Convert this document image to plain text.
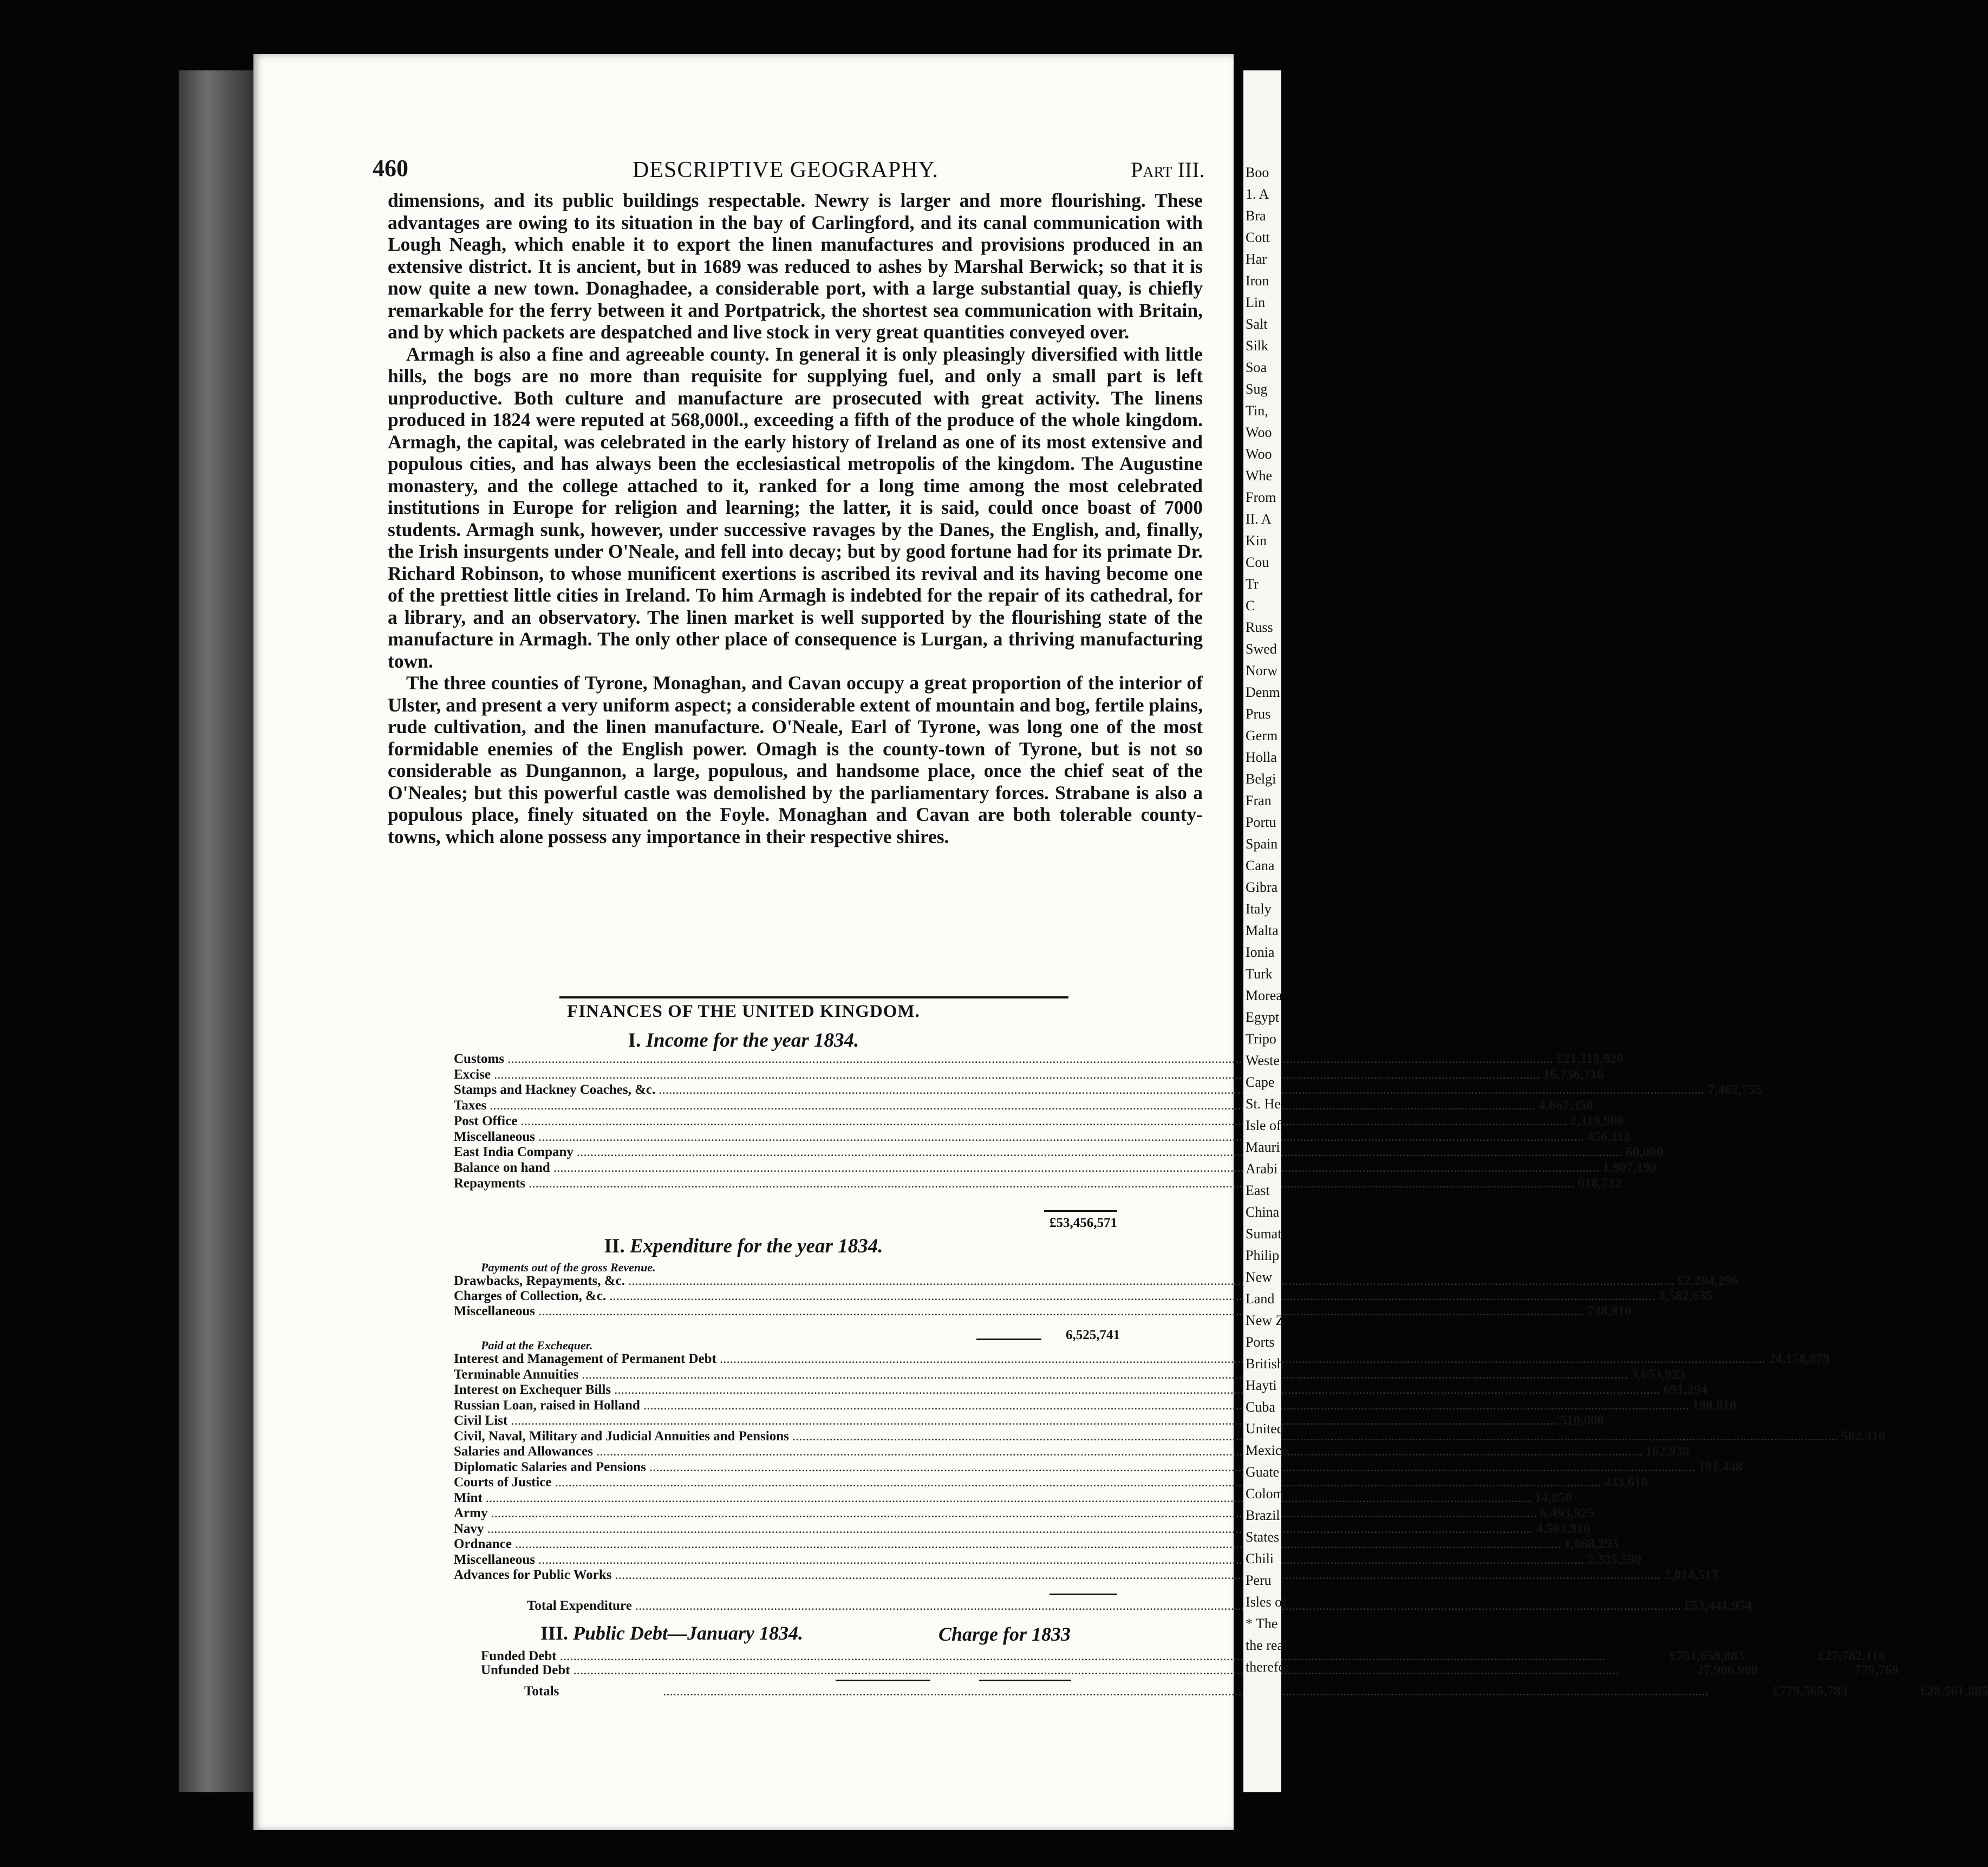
460	DESCRIPTIVE GEOGRAPHY.	Part III.

dimensions, and its public buildings respectable. Newry is larger and more flourishing. These advantages are owing to its situation in the bay of Carlingford, and its canal communication with Lough Neagh, which enable it to export the linen manufactures and provisions produced in an extensive district. It is ancient, but in 1689 was reduced to ashes by Marshal Berwick; so that it is now quite a new town. Donaghadee, a considerable port, with a large substantial quay, is chiefly remarkable for the ferry between it and Portpatrick, the shortest sea communication with Britain, and by which packets are despatched and live stock in very great quantities conveyed over.

Armagh is also a fine and agreeable county. In general it is only pleasingly diversified with little hills, the bogs are no more than requisite for supplying fuel, and only a small part is left unproductive. Both culture and manufacture are prosecuted with great activity. The linens produced in 1824 were reputed at 568,000l., exceeding a fifth of the produce of the whole kingdom. Armagh, the capital, was celebrated in the early history of Ireland as one of its most extensive and populous cities, and has always been the ecclesiastical metropolis of the kingdom. The Augustine monastery, and the college attached to it, ranked for a long time among the most celebrated institutions in Europe for religion and learning; the latter, it is said, could once boast of 7000 students. Armagh sunk, however, under successive ravages by the Danes, the English, and, finally, the Irish insurgents under O'Neale, and fell into decay; but by good fortune had for its primate Dr. Richard Robinson, to whose munificent exertions is ascribed its revival and its having become one of the prettiest little cities in Ireland. To him Armagh is indebted for the repair of its cathedral, for a library, and an observatory. The linen market is well supported by the flourishing state of the manufacture in Armagh. The only other place of consequence is Lurgan, a thriving manufacturing town.

The three counties of Tyrone, Monaghan, and Cavan occupy a great proportion of the interior of Ulster, and present a very uniform aspect; a considerable extent of mountain and bog, fertile plains, rude cultivation, and the linen manufacture. O'Neale, Earl of Tyrone, was long one of the most formidable enemies of the English power. Omagh is the county-town of Tyrone, but is not so considerable as Dungannon, a large, populous, and handsome place, once the chief seat of the O'Neales; but this powerful castle was demolished by the parliamentary forces. Strabane is also a populous place, finely situated on the Foyle. Monaghan and Cavan are both tolerable county-towns, which alone possess any importance in their respective shires.

FINANCES OF THE UNITED KINGDOM.
I. Income for the year 1834.
Customs .....	£21,118,920
Excise .....	16,756,716
Stamps and Hackney Coaches, &c. .....	7,462,755
Taxes .....	4,667,350
Post Office .....	2,319,980
Miscellaneous .....	456,118
East India Company .....	60,000
Balance on hand .....	1,907,190
Repayments .....	618,732
£53,456,571
II. Expenditure for the year 1834.
Payments out of the gross Revenue.
Drawbacks, Repayments, &c. .....	£2,204,296
Charges of Collection, &c. .....	3,582,635
Miscellaneous .....	738,810
6,525,741
Paid at the Exchequer.
Interest and Management of Permanent Debt .....	24,158,879
Terminable Annuities .....	3,653,923
Interest on Exchequer Bills .....	691,294
Russian Loan, raised in Holland .....	190,810
Civil List .....	510,000
Civil, Naval, Military and Judicial Annuities and Pensions .....	502,310
Salaries and Allowances .....	162,930
Diplomatic Salaries and Pensions .....	181,448
Courts of Justice .....	433,610
Mint .....	14,850
Army .....	6,493,925
Navy .....	4,503,910
Ordnance .....	1,068,293
Miscellaneous .....	2,335,590
Advances for Public Works .....	2,014,513
Total Expenditure .....	£53,441,954
III. Public Debt—January 1834.	Charge for 1833
Funded Debt .....	£751,658,883	£27,782,116
Unfunded Debt .....	27,906,900	779,769
Totals .....	£779,565,783	£28,561,885
Boo
1. A
Bra
Cott
Har
Iron
Lin
Salt
Silk
Soa
Sug
Tin,
Woo
Woo
Whe
From
II. A
Kin
Cou
Tr
C
Russ
Swed
Norw
Denm
Prus
Germ
Holla
Belgi
Fran
Portu
Spain
Cana
Gibra
Italy
Malta
Ionia
Turk
Morea
Egypt
Tripo
Weste
Cape
St. He
Isle of
Mauri
Arabi
East
China
Sumat
Philip
New
Land
New Z
Ports
British
Hayti
Cuba
United
Mexico
Guate
Colom
Brazil
States
Chili
Peru
Isles of
* The
the real
therefor
